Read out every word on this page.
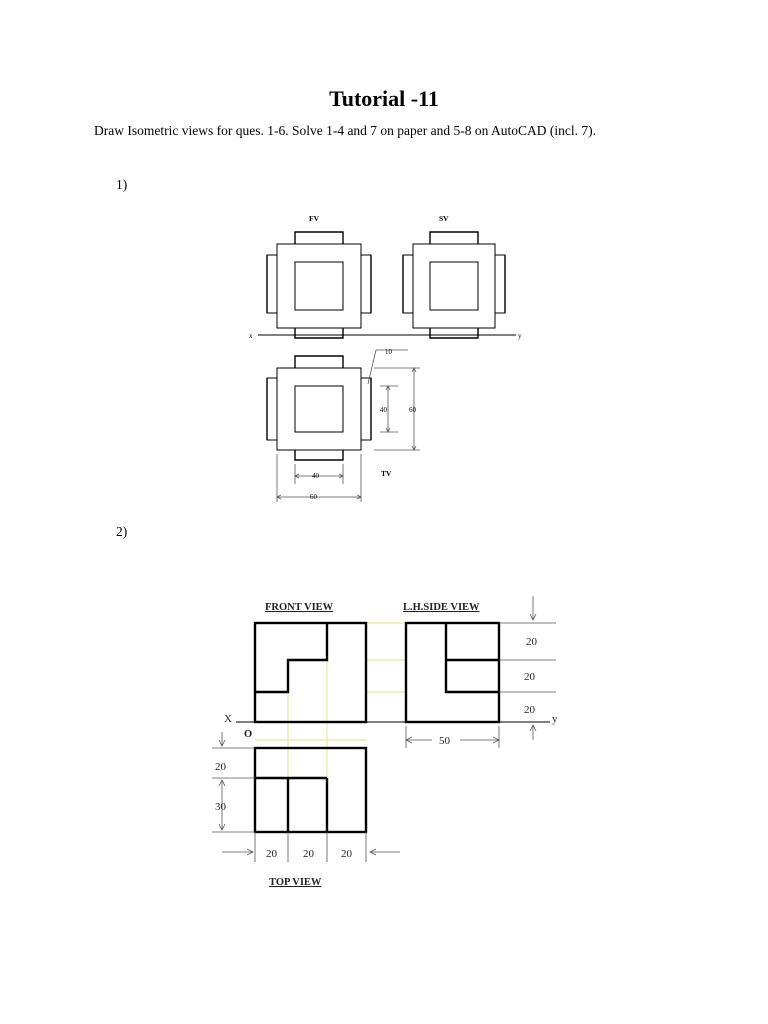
Tutorial -11
Draw Isometric views for ques. 1-6. Solve 1-4 and 7 on paper and 5-8 on AutoCAD (incl. 7).
1)
2)
FV	SV
x	y
10
40	60
40
60
TV
FRONT VIEW	L.H.SIDE VIEW
X	y
O
20
20
20
50
20
30
20 20 20
TOP VIEW
